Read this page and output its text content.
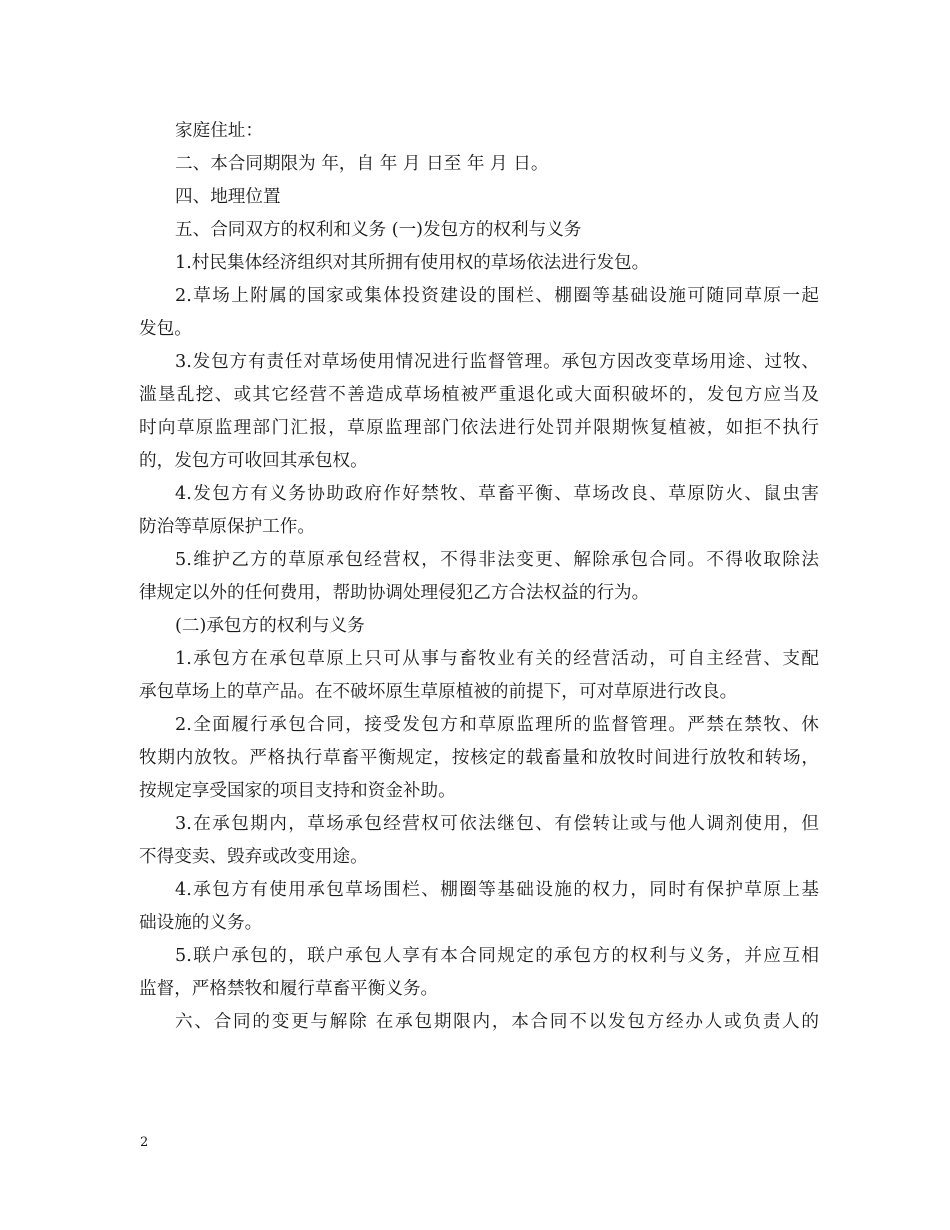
家庭住址：
二、本合同期限为 年，自 年 月 日至 年 月 日。
四、地理位置
五、合同双方的权利和义务 (一)发包方的权利与义务
1.村民集体经济组织对其所拥有使用权的草场依法进行发包。
2.草场上附属的国家或集体投资建设的围栏、棚圈等基础设施可随同草原一起
发包。
3.发包方有责任对草场使用情况进行监督管理。承包方因改变草场用途、过牧、
滥垦乱挖、或其它经营不善造成草场植被严重退化或大面积破坏的，发包方应当及
时向草原监理部门汇报，草原监理部门依法进行处罚并限期恢复植被，如拒不执行
的，发包方可收回其承包权。
4.发包方有义务协助政府作好禁牧、草畜平衡、草场改良、草原防火、鼠虫害
防治等草原保护工作。
5.维护乙方的草原承包经营权，不得非法变更、解除承包合同。不得收取除法
律规定以外的任何费用，帮助协调处理侵犯乙方合法权益的行为。
(二)承包方的权利与义务
1.承包方在承包草原上只可从事与畜牧业有关的经营活动，可自主经营、支配
承包草场上的草产品。在不破坏原生草原植被的前提下，可对草原进行改良。
2.全面履行承包合同，接受发包方和草原监理所的监督管理。严禁在禁牧、休
牧期内放牧。严格执行草畜平衡规定，按核定的载畜量和放牧时间进行放牧和转场，
按规定享受国家的项目支持和资金补助。
3.在承包期内，草场承包经营权可依法继包、有偿转让或与他人调剂使用，但
不得变卖、毁弃或改变用途。
4.承包方有使用承包草场围栏、棚圈等基础设施的权力，同时有保护草原上基
础设施的义务。
5.联户承包的，联户承包人享有本合同规定的承包方的权利与义务，并应互相
监督，严格禁牧和履行草畜平衡义务。
六、合同的变更与解除 在承包期限内，本合同不以发包方经办人或负责人的
2
